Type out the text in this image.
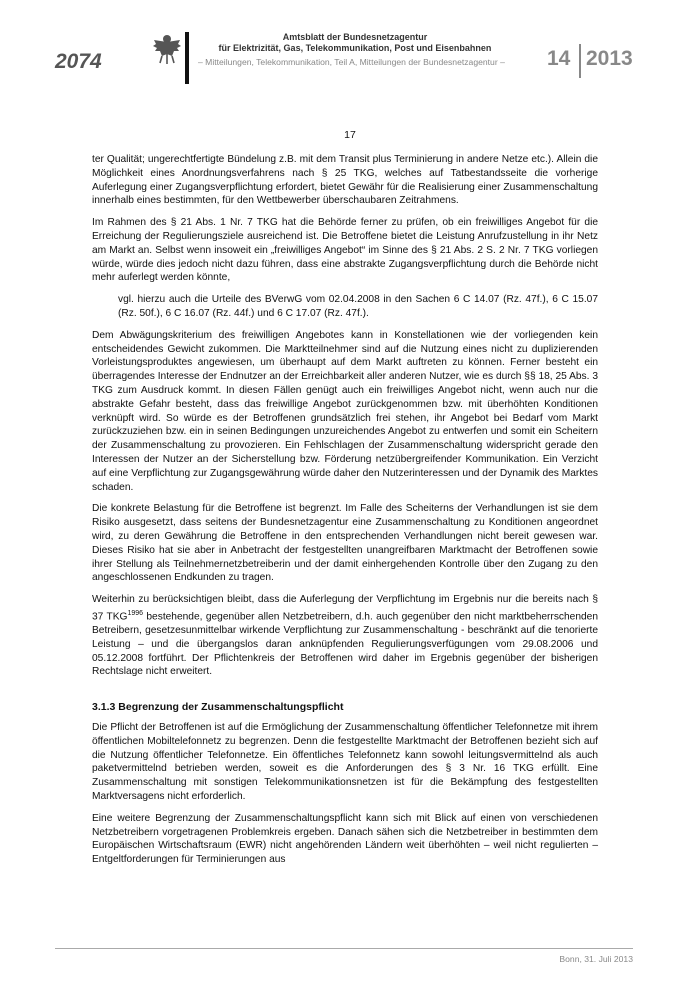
2074
Amtsblatt der Bundesnetzagentur
für Elektrizität, Gas, Telekommunikation, Post und Eisenbahnen
– Mitteilungen, Telekommunikation, Teil A, Mitteilungen der Bundesnetzagentur – 14 2013
17

ter Qualität; ungerechtfertigte Bündelung z.B. mit dem Transit plus Terminierung in andere Netze etc.). Allein die Möglichkeit eines Anordnungsverfahrens nach § 25 TKG, welches auf Tatbestandsseite die vorherige Auferlegung einer Zugangsverpflichtung erfordert, bietet Gewähr für die Realisierung einer Zusammenschaltung innerhalb eines bestimmten, für den Wettbewerber überschaubaren Zeitrahmens.

Im Rahmen des § 21 Abs. 1 Nr. 7 TKG hat die Behörde ferner zu prüfen, ob ein freiwilliges Angebot für die Erreichung der Regulierungsziele ausreichend ist. Die Betroffene bietet die Leistung Anrufzustellung in ihr Netz am Markt an. Selbst wenn insoweit ein „freiwilliges Angebot“ im Sinne des § 21 Abs. 2 S. 2 Nr. 7 TKG vorliegen würde, würde dies jedoch nicht dazu führen, dass eine abstrakte Zugangsverpflichtung durch die Behörde nicht mehr auferlegt werden könnte,

vgl. hierzu auch die Urteile des BVerwG vom 02.04.2008 in den Sachen 6 C 14.07 (Rz. 47f.), 6 C 15.07 (Rz. 50f.), 6 C 16.07 (Rz. 44f.) und 6 C 17.07 (Rz. 47f.).

Dem Abwägungskriterium des freiwilligen Angebotes kann in Konstellationen wie der vorliegenden kein entscheidendes Gewicht zukommen. Die Marktteilnehmer sind auf die Nutzung eines nicht zu duplizierenden Vorleistungsproduktes angewiesen, um überhaupt auf dem Markt auftreten zu können. Ferner besteht ein überragendes Interesse der Endnutzer an der Erreichbarkeit aller anderen Nutzer, wie es durch §§ 18, 25 Abs. 3 TKG zum Ausdruck kommt. In diesen Fällen genügt auch ein freiwilliges Angebot nicht, wenn auch nur die abstrakte Gefahr besteht, dass das freiwillige Angebot zurückgenommen bzw. mit überhöhten Konditionen verknüpft wird. So würde es der Betroffenen grundsätzlich frei stehen, ihr Angebot bei Bedarf vom Markt zurückzuziehen bzw. ein in seinen Bedingungen unzureichendes Angebot zu entwerfen und somit ein Scheitern der Zusammenschaltung zu provozieren. Ein Fehlschlagen der Zusammenschaltung widerspricht gerade den Interessen der Nutzer an der Sicherstellung bzw. Förderung netzübergreifender Kommunikation. Ein Verzicht auf eine Verpflichtung zur Zugangsgewährung würde daher den Nutzerinteressen und der Dynamik des Marktes schaden.

Die konkrete Belastung für die Betroffene ist begrenzt. Im Falle des Scheiterns der Verhandlungen ist sie dem Risiko ausgesetzt, dass seitens der Bundesnetzagentur eine Zusammenschaltung zu Konditionen angeordnet wird, zu deren Gewährung die Betroffene in den entsprechenden Verhandlungen nicht bereit gewesen war. Dieses Risiko hat sie aber in Anbetracht der festgestellten unangreifbaren Marktmacht der Betroffenen sowie ihrer Stellung als Teilnehmernetzbetreiberin und der damit einhergehenden Kontrolle über den Zugang zu den angeschlossenen Endkunden zu tragen.

Weiterhin zu berücksichtigen bleibt, dass die Auferlegung der Verpflichtung im Ergebnis nur die bereits nach § 37 $TKG^{1996}$ bestehende, gegenüber allen Netzbetreibern, d.h. auch gegenüber den nicht marktbeherrschenden Betreibern, gesetzesunmittelbar wirkende Verpflichtung zur Zusammenschaltung - beschränkt auf die tenorierte Leistung – und die übergangslos daran anknüpfenden Regulierungsverfügungen vom 29.08.2006 und 05.12.2008 fortführt. Der Pflichtenkreis der Betroffenen wird daher im Ergebnis gegenüber der bisherigen Rechtslage nicht erweitert.

3.1.3 Begrenzung der Zusammenschaltungspflicht

Die Pflicht der Betroffenen ist auf die Ermöglichung der Zusammenschaltung öffentlicher Telefonnetze mit ihrem öffentlichen Mobiltelefonnetz zu begrenzen. Denn die festgestellte Marktmacht der Betroffenen bezieht sich auf die Nutzung öffentlicher Telefonnetze. Ein öffentliches Telefonnetz kann sowohl leitungsvermittelnd als auch paketvermittelnd betrieben werden, soweit es die Anforderungen des § 3 Nr. 16 TKG erfüllt. Eine Zusammenschaltung mit sonstigen Telekommunikationsnetzen ist für die Bekämpfung des festgestellten Marktversagens nicht erforderlich.

Eine weitere Begrenzung der Zusammenschaltungspflicht kann sich mit Blick auf einen von verschiedenen Netzbetreibern vorgetragenen Problemkreis ergeben. Danach sähen sich die Netzbetreiber in bestimmten dem Europäischen Wirtschaftsraum (EWR) nicht angehörenden Ländern weit überhöhten – weil nicht regulierten – Entgeltforderungen für Terminierungen aus

Bonn, 31. Juli 2013
